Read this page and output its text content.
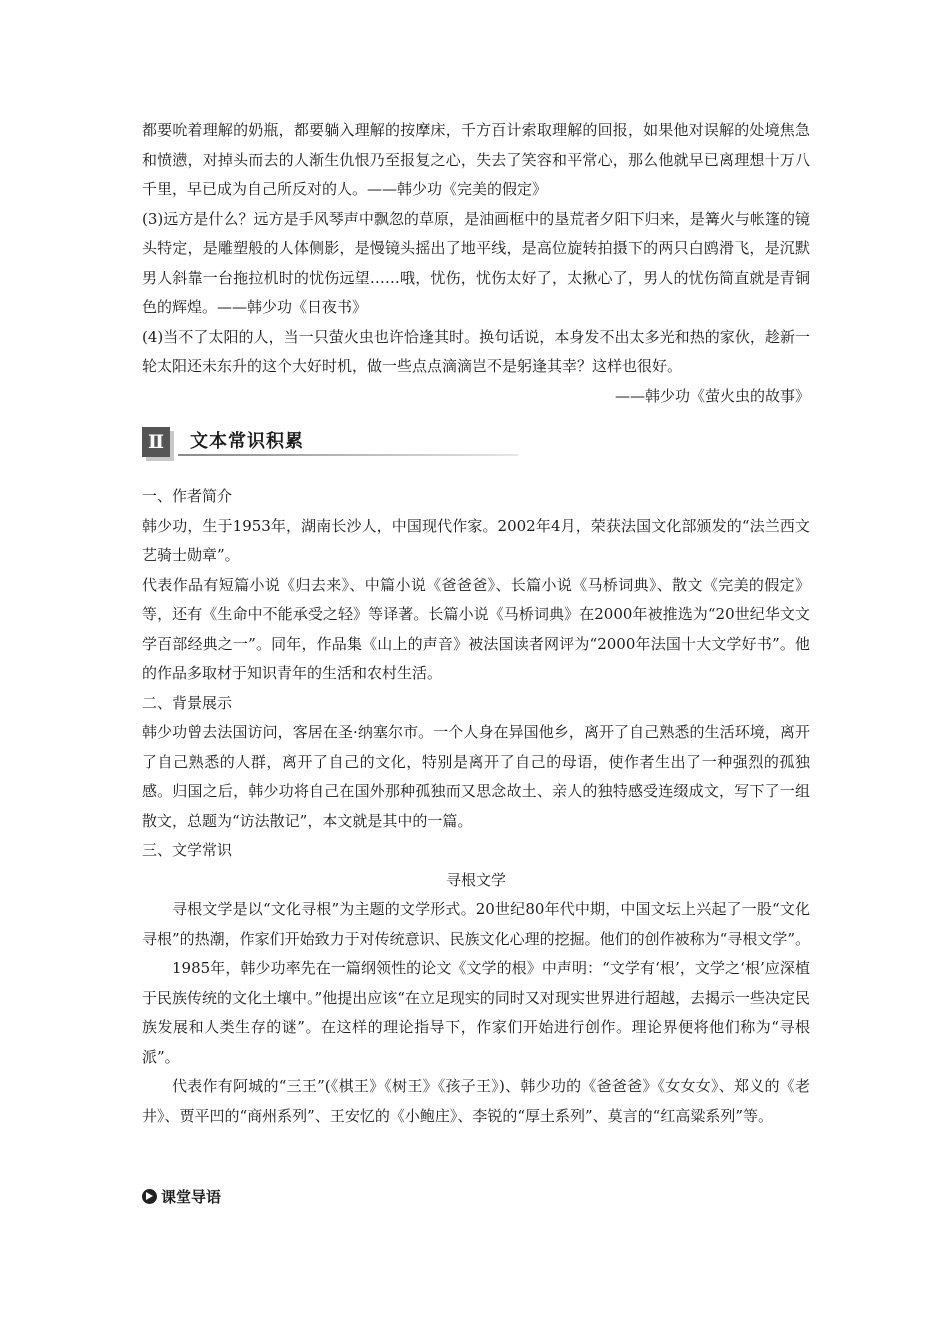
都要吮着理解的奶瓶，都要躺入理解的按摩床，千方百计索取理解的回报，如果他对误解的处境焦急和愤懑，对掉头而去的人渐生仇恨乃至报复之心，失去了笑容和平常心，那么他就早已离理想十万八千里，早已成为自己所反对的人。——韩少功《完美的假定》

(3)远方是什么？远方是手风琴声中飘忽的草原，是油画框中的垦荒者夕阳下归来，是篝火与帐篷的镜头特定，是雕塑般的人体侧影，是慢镜头摇出了地平线，是高位旋转拍摄下的两只白鸥滑飞，是沉默男人斜靠一台拖拉机时的忧伤远望……哦，忧伤，忧伤太好了，太揪心了，男人的忧伤简直就是青铜色的辉煌。——韩少功《日夜书》

(4)当不了太阳的人，当一只萤火虫也许恰逢其时。换句话说，本身发不出太多光和热的家伙，趁新一轮太阳还未东升的这个大好时机，做一些点点滴滴岂不是躬逢其幸？这样也很好。

——韩少功《萤火虫的故事》

Ⅱ	文本常识积累

一、作者简介

韩少功，生于1953年，湖南长沙人，中国现代作家。2002年4月，荣获法国文化部颁发的“法兰西文艺骑士勋章”。

代表作品有短篇小说《归去来》、中篇小说《爸爸爸》、长篇小说《马桥词典》、散文《完美的假定》等，还有《生命中不能承受之轻》等译著。长篇小说《马桥词典》在2000年被推选为“20世纪华文文学百部经典之一”。同年，作品集《山上的声音》被法国读者网评为“2000年法国十大文学好书”。他的作品多取材于知识青年的生活和农村生活。

二、背景展示

韩少功曾去法国访问，客居在圣·纳塞尔市。一个人身在异国他乡，离开了自己熟悉的生活环境，离开了自己熟悉的人群，离开了自己的文化，特别是离开了自己的母语，使作者生出了一种强烈的孤独感。归国之后，韩少功将自己在国外那种孤独而又思念故土、亲人的独特感受连缀成文，写下了一组散文，总题为“访法散记”，本文就是其中的一篇。

三、文学常识

寻根文学

寻根文学是以“文化寻根”为主题的文学形式。20世纪80年代中期，中国文坛上兴起了一股“文化寻根”的热潮，作家们开始致力于对传统意识、民族文化心理的挖掘。他们的创作被称为“寻根文学”。

1985年，韩少功率先在一篇纲领性的论文《文学的根》中声明：“文学有‘根’，文学之‘根’应深植于民族传统的文化土壤中。”他提出应该“在立足现实的同时又对现实世界进行超越，去揭示一些决定民族发展和人类生存的谜”。在这样的理论指导下，作家们开始进行创作。理论界便将他们称为“寻根派”。

代表作有阿城的“三王”(《棋王》《树王》《孩子王》)、韩少功的《爸爸爸》《女女女》、郑义的《老井》、贾平凹的“商州系列”、王安忆的《小鲍庄》、李锐的“厚土系列”、莫言的“红高粱系列”等。

课堂导语
